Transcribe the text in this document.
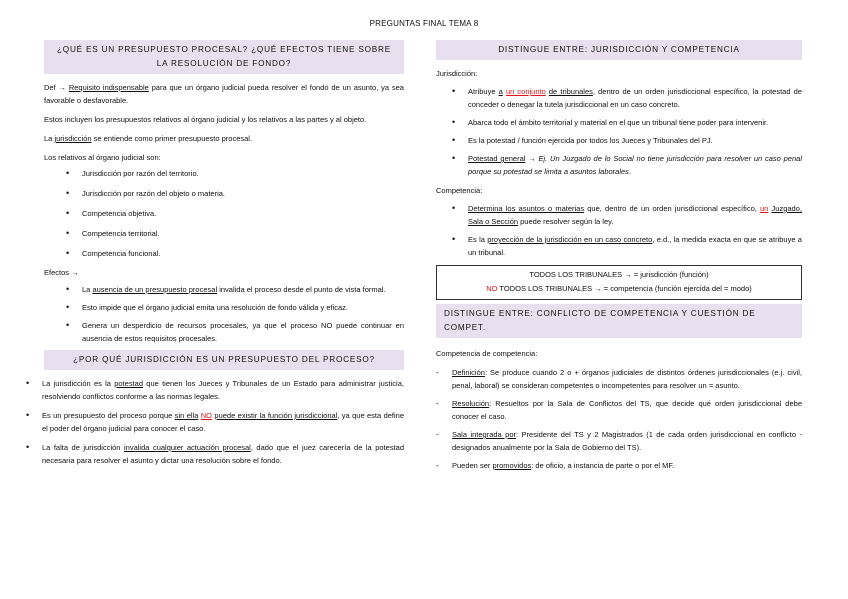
PREGUNTAS FINAL TEMA 8
¿QUÉ ES UN PRESUPUESTO PROCESAL? ¿QUÉ EFECTOS TIENE SOBRE LA RESOLUCIÓN DE FONDO?

Def → Requisito indispensable para que un órgano judicial pueda resolver el fondo de un asunto, ya sea favorable o desfavorable.

Estos incluyen los presupuestos relativos al órgano judicial y los relativos a las partes y al objeto.

La jurisdicción se entiende como primer presupuesto procesal.

Los relativos al órgano judicial son:

• Jurisdicción por razón del territorio.
• Jurisdicción por razón del objeto o materia.
• Competencia objetiva.
• Competencia territorial.
• Competencia funcional.

Efectos →

• La ausencia de un presupuesto procesal invalida el proceso desde el punto de vista formal.
• Esto impide que el órgano judicial emita una resolución de fondo válida y eficaz.
• Genera un desperdicio de recursos procesales, ya que el proceso NO puede continuar en ausencia de estos requisitos procesales.
¿POR QUÉ JURISDICCIÓN ES UN PRESUPUESTO DEL PROCESO?
• La jurisdicción es la potestad que tienen los Jueces y Tribunales de un Estado para administrar justicia, resolviendo conflictos conforme a las normas legales.
• Es un presupuesto del proceso porque sin ella NO puede existir la función jurisdiccional, ya que esta define el poder del órgano judicial para conocer el caso.
• La falta de jurisdicción invalida cualquier actuación procesal, dado que el juez carecería de la potestad necesaria para resolver el asunto y dictar una resolución sobre el fondo.
DISTINGUE ENTRE: JURISDICCIÓN Y COMPETENCIA

Jurisdicción:

• Atribuye a un conjunto de tribunales, dentro de un orden jurisdiccional específico, la potestad de conceder o denegar la tutela jurisdiccional en un caso concreto.
• Abarca todo el ámbito territorial y material en el que un tribunal tiene poder para intervenir.
• Es la potestad / función ejercida por todos los Jueces y Tribunales del PJ.
• Potestad general → Ej. Un Juzgado de lo Social no tiene jurisdicción para resolver un caso penal porque su potestad se limita a asuntos laborales.

Competencia:

• Determina los asuntos o materias que, dentro de un orden jurisdiccional específico, un Juzgado, Sala o Sección puede resolver según la ley.
• Es la proyección de la jurisdicción en un caso concreto, e.d., la medida exacta en que se atribuye a un tribunal.
TODOS LOS TRIBUNALES → = jurisdicción (función)
NO TODOS LOS TRIBUNALES → = competencia (función ejercida del = modo)
DISTINGUE ENTRE: CONFLICTO DE COMPETENCIA Y CUESTIÓN DE COMPET.

Competencia de competencia:

- Definición: Se produce cuando 2 o + órganos judiciales de distintos órdenes jurisdiccionales (e.j. civil, penal, laboral) se consideran competentes o incompetentes para resolver un = asunto.
- Resolución: Resueltos por la Sala de Conflictos del TS, que decide qué orden jurisdiccional debe conocer el caso.
- Sala integrada por: Presidente del TS y 2 Magistrados (1 de cada orden jurisdiccional en conflicto - designados anualmente por la Sala de Gobierno del TS).
- Pueden ser promovidos: de oficio, a instancia de parte o por el MF.
